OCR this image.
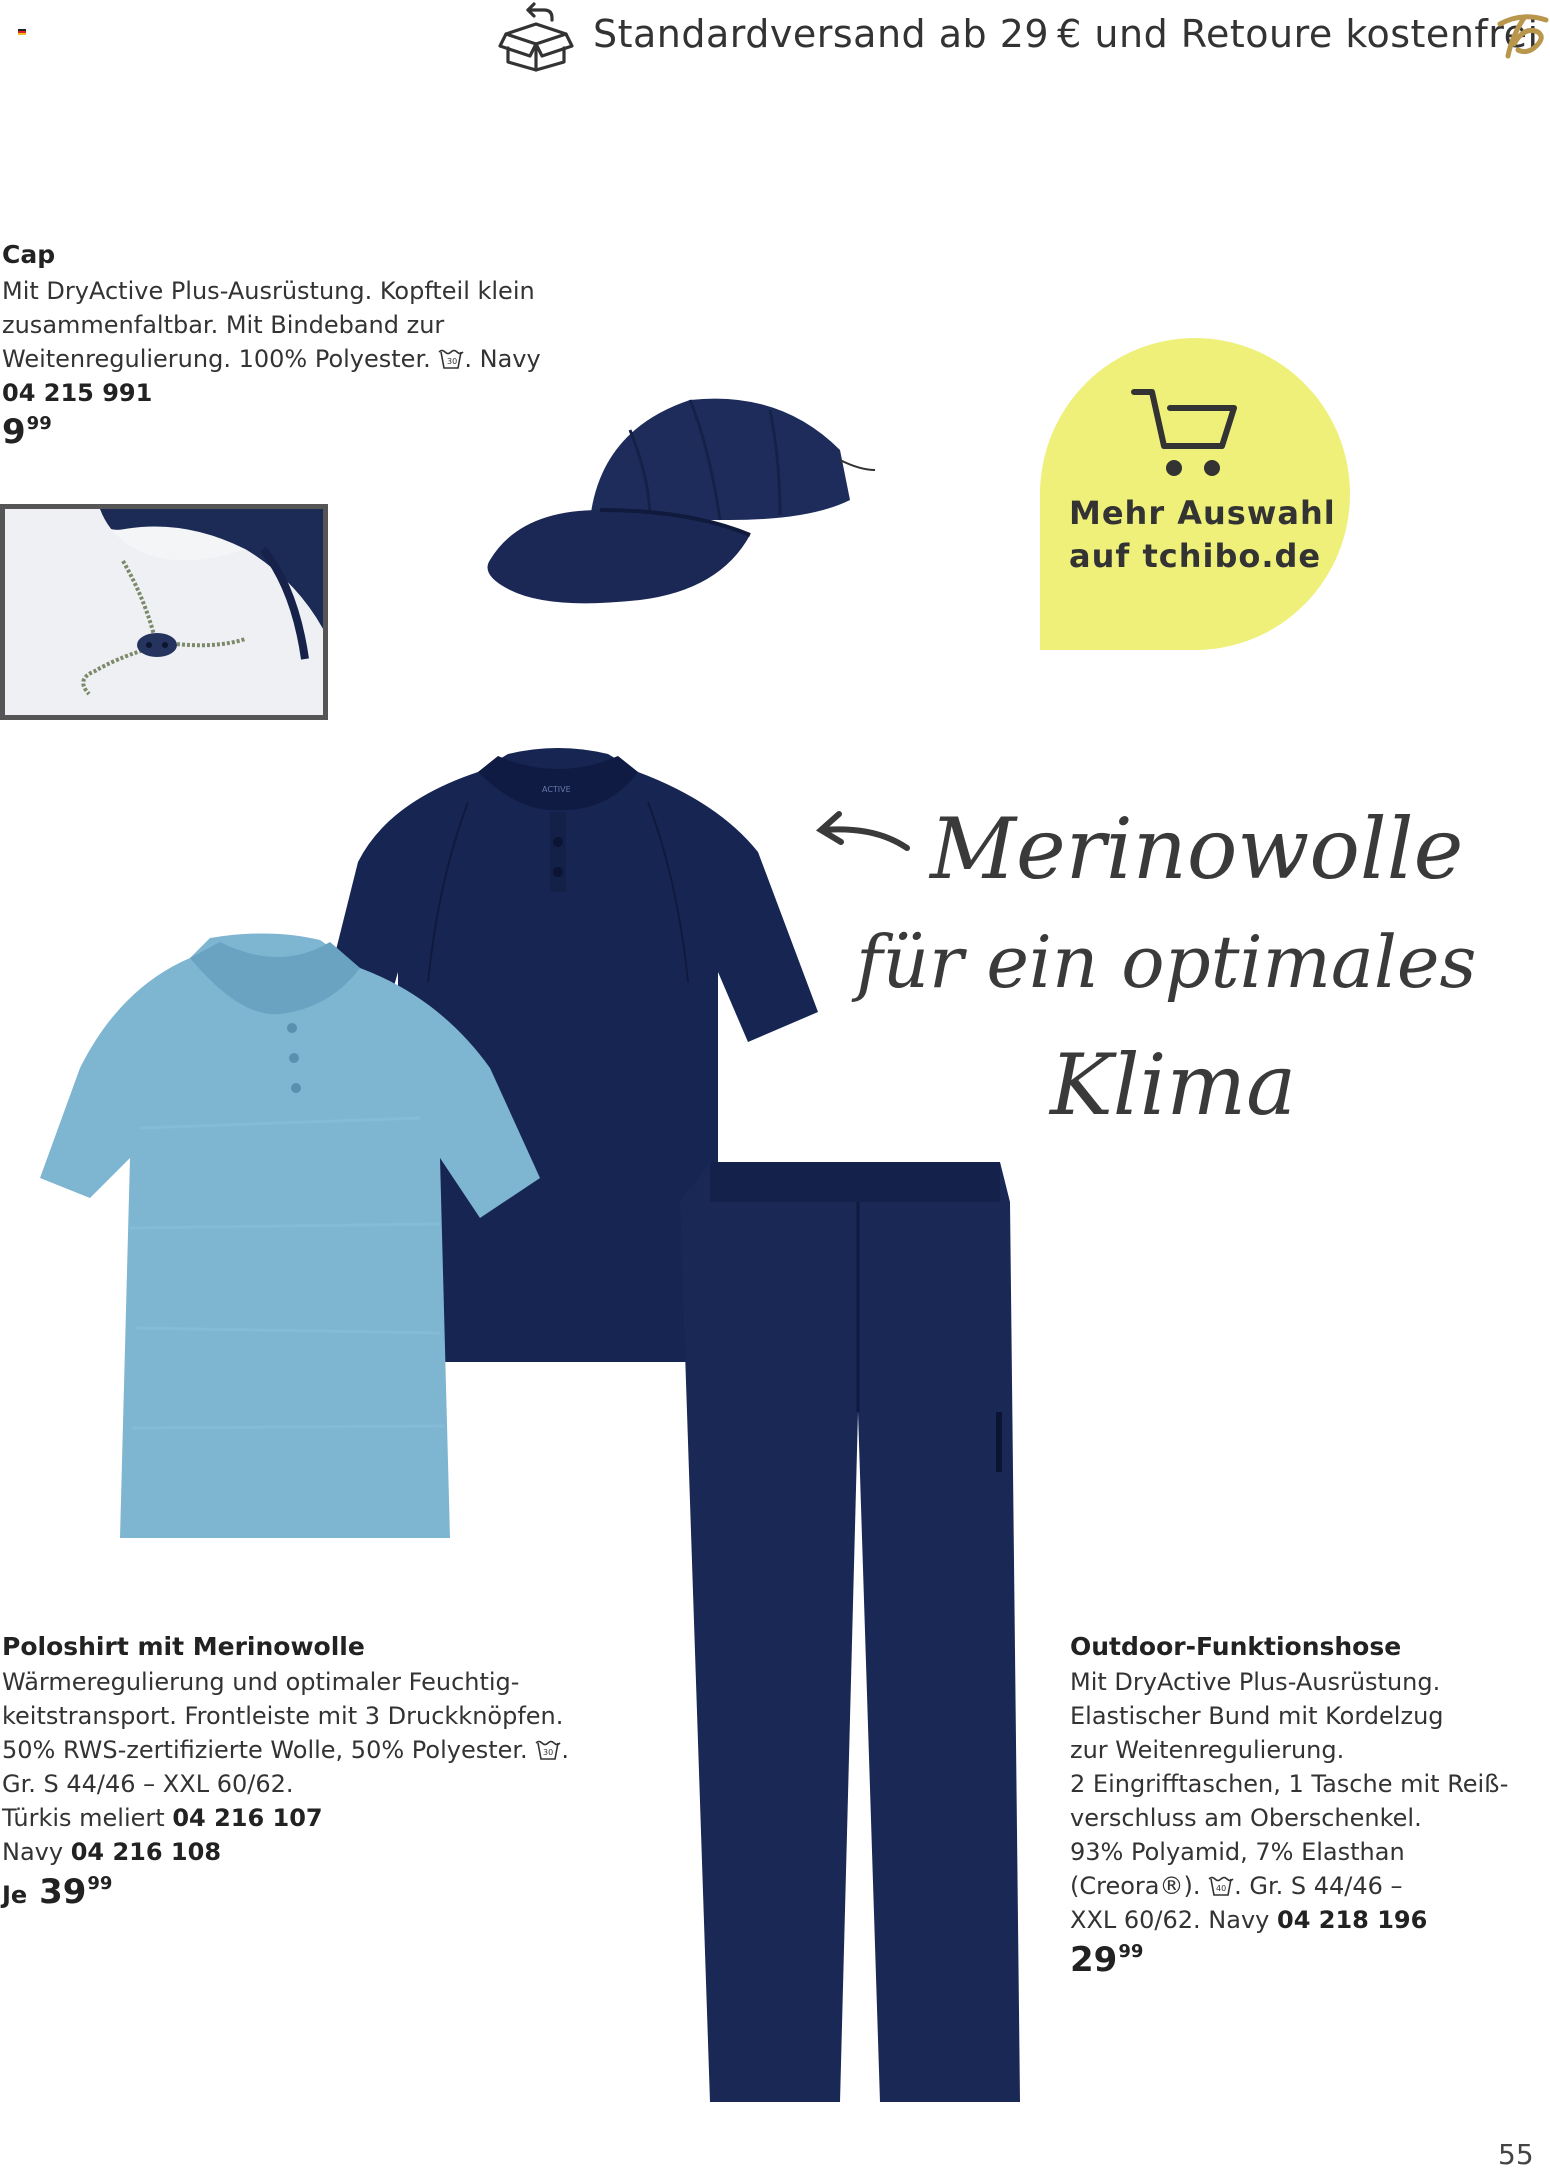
Standardversand ab 29 € und Retoure kostenfrei
Cap
Mit DryActive Plus-Ausrüstung. Kopfteil klein
zusammenfaltbar. Mit Bindeband zur
Weitenregulierung. 100% Polyester. 30 . Navy
04 215 991
$9^{99}$
Mehr Auswahl
auf tchibo.de
Merinowolle
für ein optimales
Klima
ACTIVE
Poloshirt mit Merinowolle
Wärmeregulierung und optimaler Feuchtig-
keitstransport. Frontleiste mit 3 Druckknöpfen.
50% RWS-zertifizierte Wolle, 50% Polyester. 30 .
Gr. S 44/46 – XXL 60/62.
Türkis meliert 04 216 107
Navy 04 216 108
Je $39^{99}$
Outdoor-Funktionshose
Mit DryActive Plus-Ausrüstung.
Elastischer Bund mit Kordelzug
zur Weitenregulierung.
2 Eingrifftaschen, 1 Tasche mit Reiß-
verschluss am Oberschenkel.
93% Polyamid, 7% Elasthan
(Creora®). 40 . Gr. S 44/46 –
XXL 60/62. Navy 04 218 196
$29^{99}$
55
